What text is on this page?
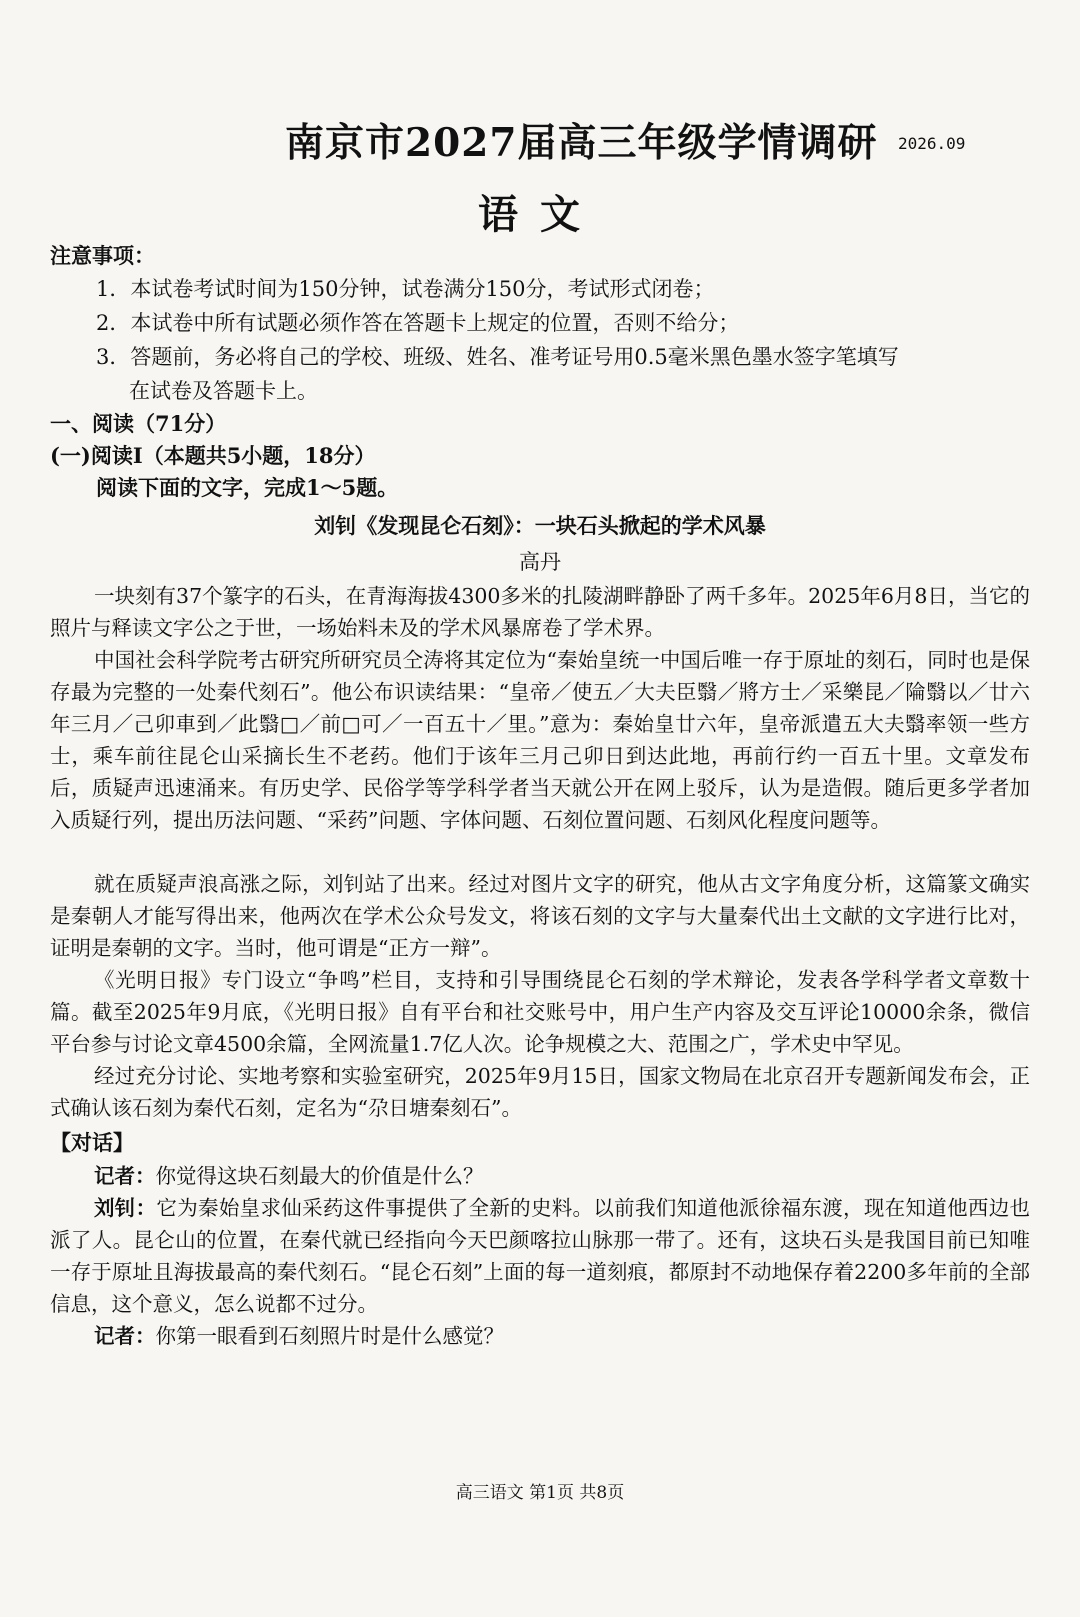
南京市2027届高三年级学情调研 2026.09
语文
注意事项：
1．本试卷考试时间为150分钟，试卷满分150分，考试形式闭卷；
2．本试卷中所有试题必须作答在答题卡上规定的位置，否则不给分；
3．答题前，务必将自己的学校、班级、姓名、准考证号用0.5毫米黑色墨水签字笔填写
在试卷及答题卡上。
一、阅读（71分）
(一)阅读Ⅰ（本题共5小题，18分）
阅读下面的文字，完成1～5题。
刘钊《发现昆仑石刻》：一块石头掀起的学术风暴
高丹
一块刻有37个篆字的石头，在青海海拔4300多米的扎陵湖畔静卧了两千多年。2025年6月8日，当它的照片与释读文字公之于世，一场始料未及的学术风暴席卷了学术界。
中国社会科学院考古研究所研究员仝涛将其定位为“秦始皇统一中国后唯一存于原址的刻石，同时也是保存最为完整的一处秦代刻石”。他公布识读结果：“皇帝／使五／大夫臣翳／將方士／采樂昆／陯翳以／廿六年三月／己卯車到／此翳□／前□可／一百五十／里。”意为：秦始皇廿六年，皇帝派遣五大夫翳率领一些方士，乘车前往昆仑山采摘长生不老药。他们于该年三月己卯日到达此地，再前行约一百五十里。文章发布后，质疑声迅速涌来。有历史学、民俗学等学科学者当天就公开在网上驳斥，认为是造假。随后更多学者加入质疑行列，提出历法问题、“采药”问题、字体问题、石刻位置问题、石刻风化程度问题等。
就在质疑声浪高涨之际，刘钊站了出来。经过对图片文字的研究，他从古文字角度分析，这篇篆文确实是秦朝人才能写得出来，他两次在学术公众号发文，将该石刻的文字与大量秦代出土文献的文字进行比对，证明是秦朝的文字。当时，他可谓是“正方一辩”。
《光明日报》专门设立“争鸣”栏目，支持和引导围绕昆仑石刻的学术辩论，发表各学科学者文章数十篇。截至2025年9月底，《光明日报》自有平台和社交账号中，用户生产内容及交互评论10000余条，微信平台参与讨论文章4500余篇，全网流量1.7亿人次。论争规模之大、范围之广，学术史中罕见。
经过充分讨论、实地考察和实验室研究，2025年9月15日，国家文物局在北京召开专题新闻发布会，正式确认该石刻为秦代石刻，定名为“尕日塘秦刻石”。
【对话】
记者：你觉得这块石刻最大的价值是什么？
刘钊：它为秦始皇求仙采药这件事提供了全新的史料。以前我们知道他派徐福东渡，现在知道他西边也派了人。昆仑山的位置，在秦代就已经指向今天巴颜喀拉山脉那一带了。还有，这块石头是我国目前已知唯一存于原址且海拔最高的秦代刻石。“昆仑石刻”上面的每一道刻痕，都原封不动地保存着2200多年前的全部信息，这个意义，怎么说都不过分。
记者：你第一眼看到石刻照片时是什么感觉？
高三语文 第1页 共8页
